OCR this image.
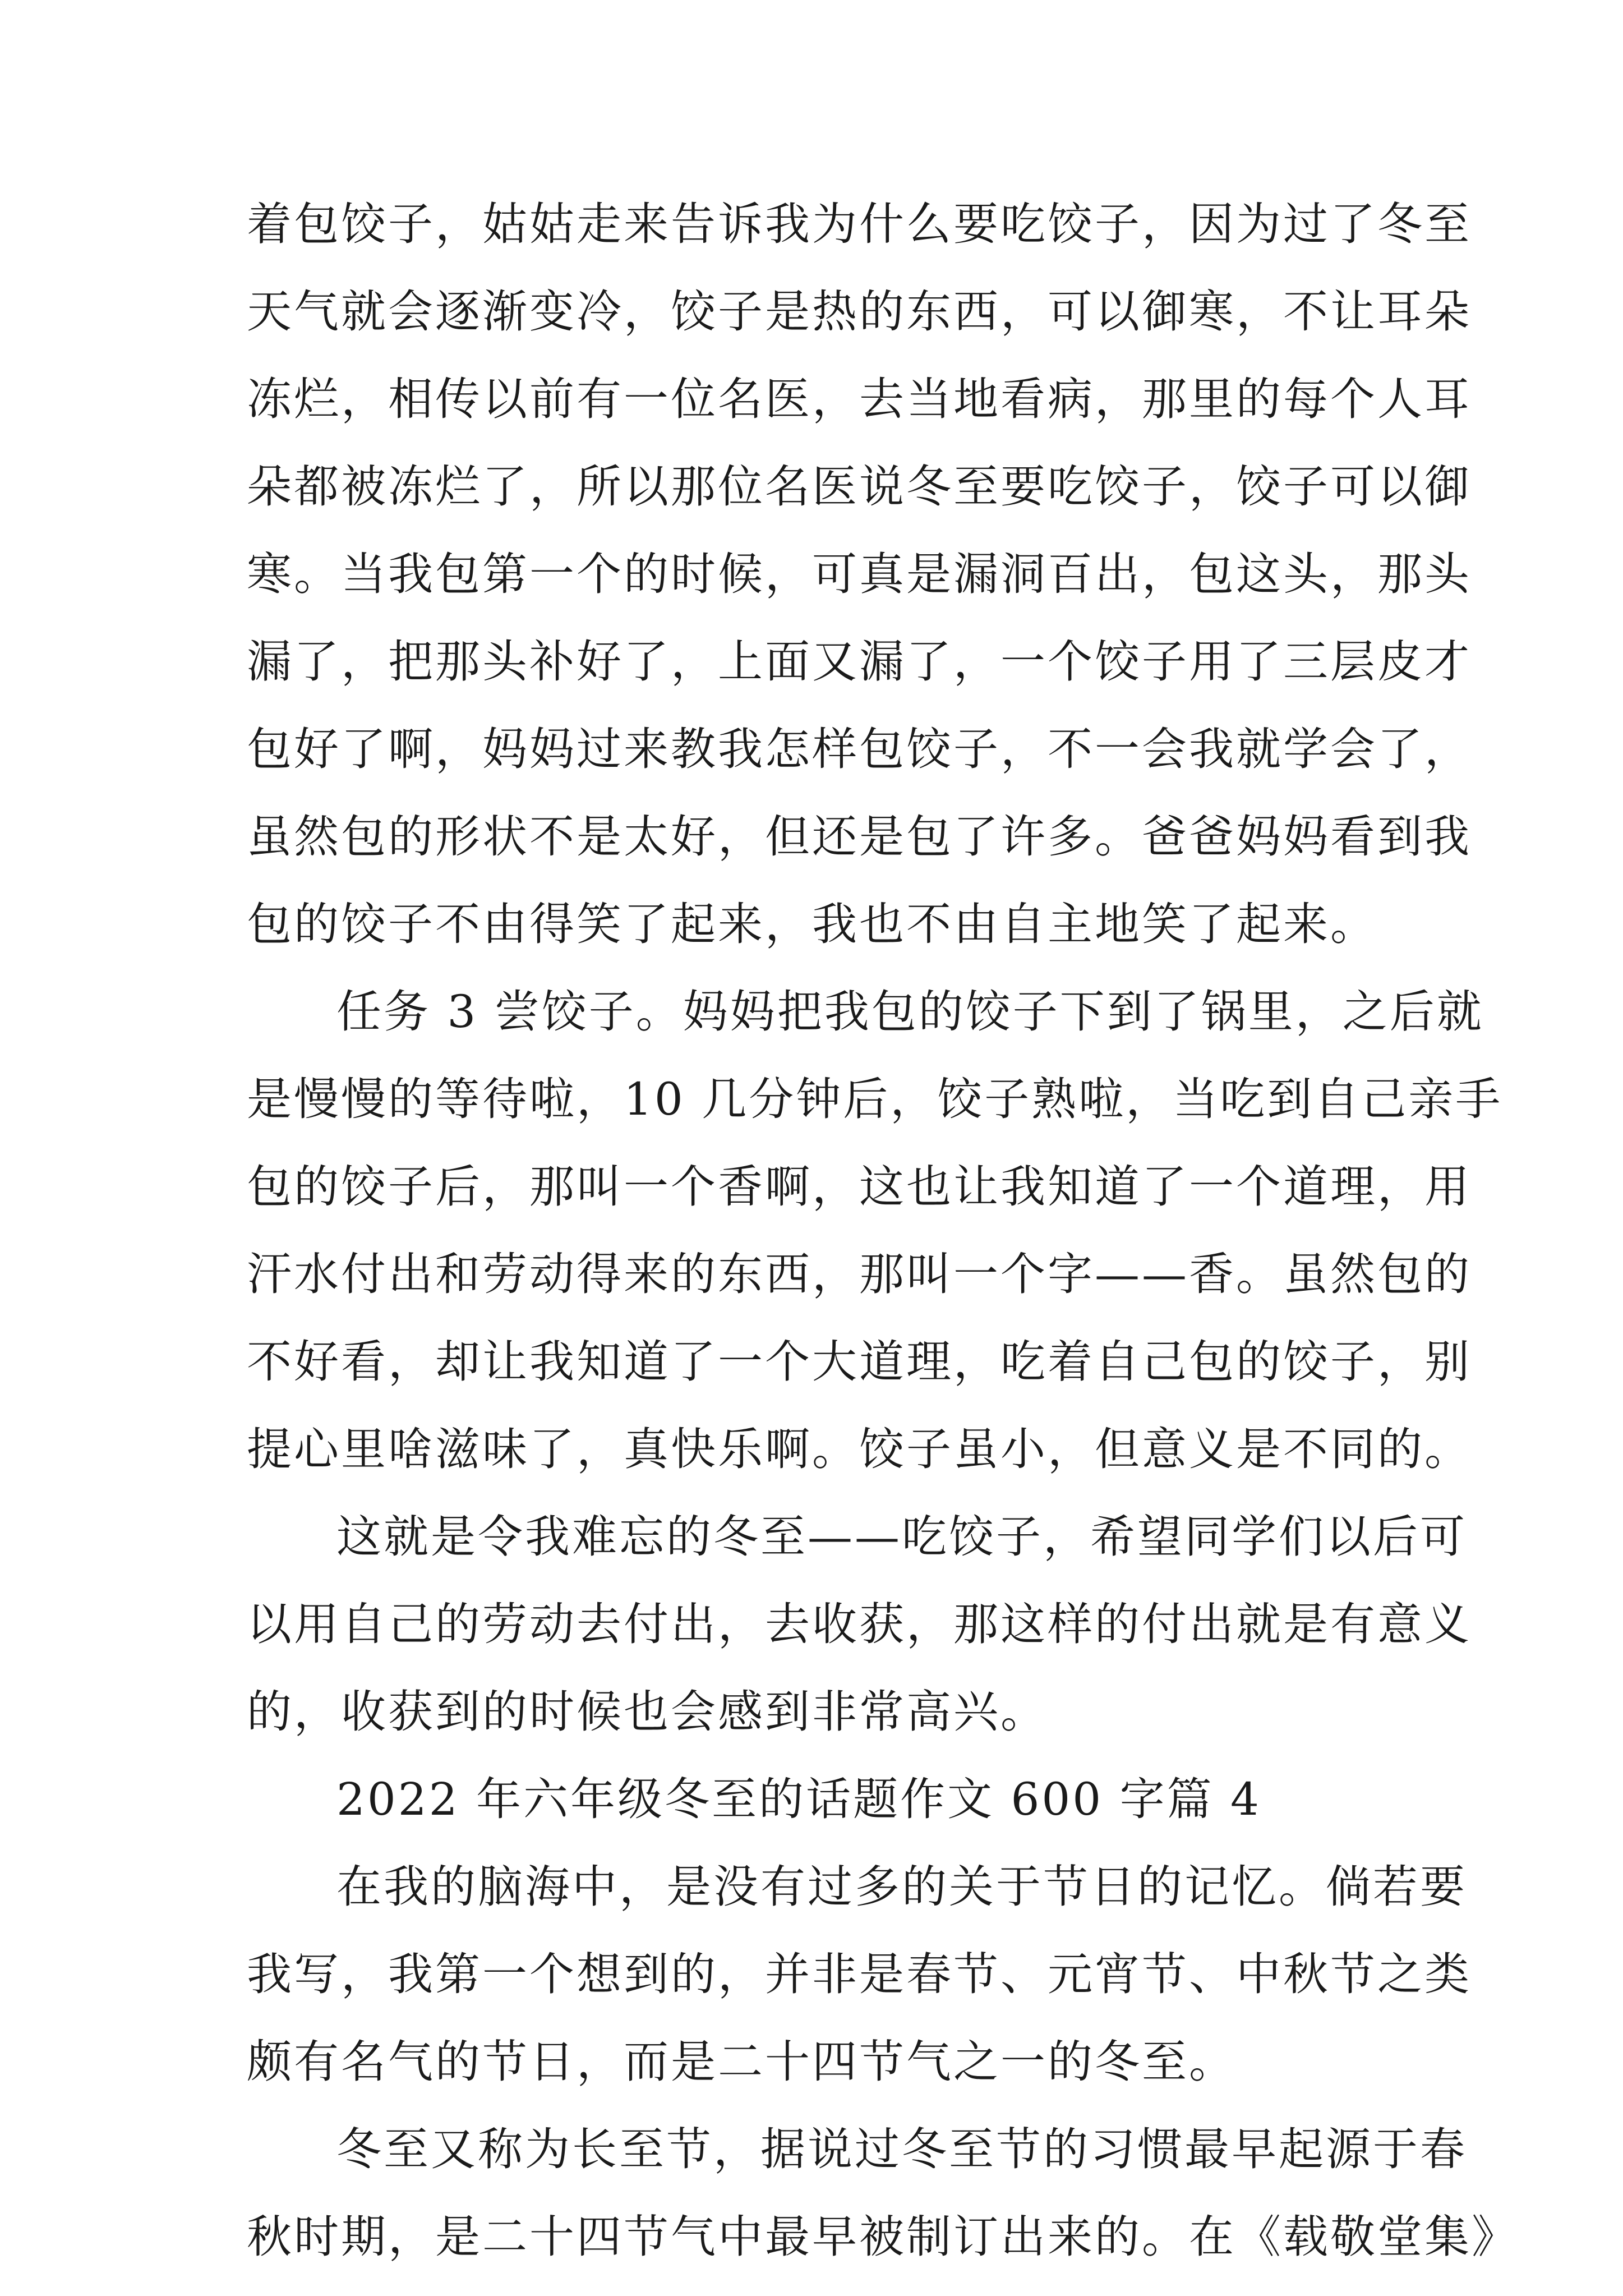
着包饺子，姑姑走来告诉我为什么要吃饺子，因为过了冬至
天气就会逐渐变冷，饺子是热的东西，可以御寒，不让耳朵
冻烂，相传以前有一位名医，去当地看病，那里的每个人耳
朵都被冻烂了，所以那位名医说冬至要吃饺子，饺子可以御
寒。当我包第一个的时候，可真是漏洞百出，包这头，那头
漏了，把那头补好了，上面又漏了，一个饺子用了三层皮才
包好了啊，妈妈过来教我怎样包饺子，不一会我就学会了，
虽然包的形状不是太好，但还是包了许多。爸爸妈妈看到我
包的饺子不由得笑了起来，我也不由自主地笑了起来。
任务 3 尝饺子。妈妈把我包的饺子下到了锅里，之后就
是慢慢的等待啦，10 几分钟后，饺子熟啦，当吃到自己亲手
包的饺子后，那叫一个香啊，这也让我知道了一个道理，用
汗水付出和劳动得来的东西，那叫一个字——香。虽然包的
不好看，却让我知道了一个大道理，吃着自己包的饺子，别
提心里啥滋味了，真快乐啊。饺子虽小，但意义是不同的。
这就是令我难忘的冬至——吃饺子，希望同学们以后可
以用自己的劳动去付出，去收获，那这样的付出就是有意义
的，收获到的时候也会感到非常高兴。
2022 年六年级冬至的话题作文 600 字篇 4
在我的脑海中，是没有过多的关于节日的记忆。倘若要
我写，我第一个想到的，并非是春节、元宵节、中秋节之类
颇有名气的节日，而是二十四节气之一的冬至。
冬至又称为长至节，据说过冬至节的习惯最早起源于春
秋时期，是二十四节气中最早被制订出来的。在《载敬堂集》
